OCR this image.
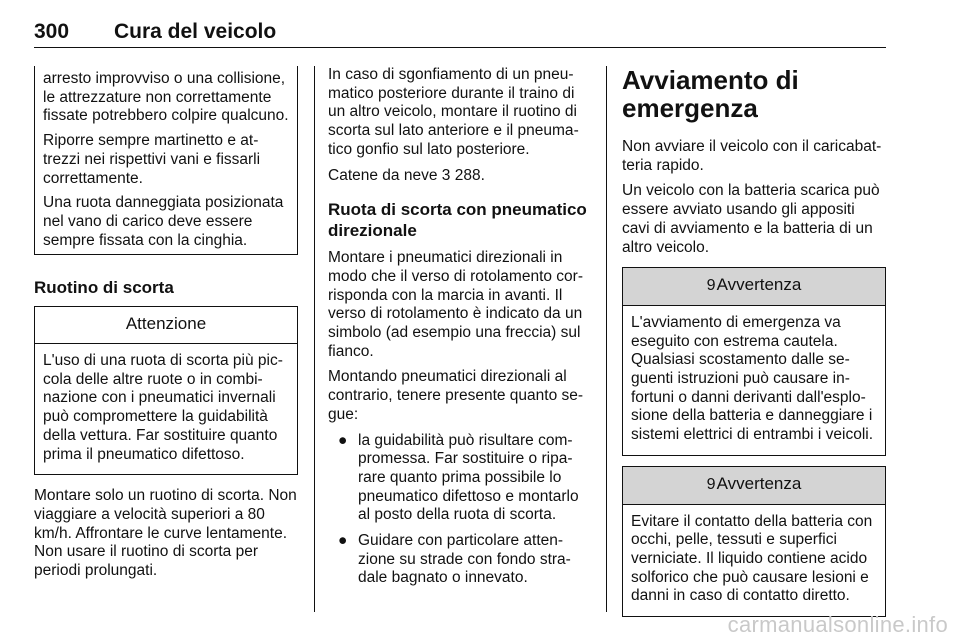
300 Cura del veicolo

arresto improvviso o una collisione, le attrezzature non correttamente fissate potrebbero colpire qualcuno.

Riporre sempre martinetto e attrezzi nei rispettivi vani e fissarli correttamente.

Una ruota danneggiata posizionata nel vano di carico deve essere sempre fissata con la cinghia.

Ruotino di scorta
Attenzione
L'uso di una ruota di scorta più piccola delle altre ruote o in combinazione con i pneumatici invernali può compromettere la guidabilità della vettura. Far sostituire quanto prima il pneumatico difettoso.

Montare solo un ruotino di scorta. Non viaggiare a velocità superiori a 80 km/h. Affrontare le curve lentamente. Non usare il ruotino di scorta per periodi prolungati.

In caso di sgonfiamento di un pneumatico posteriore durante il traino di un altro veicolo, montare il ruotino di scorta sul lato anteriore e il pneumatico gonfio sul lato posteriore.

Catene da neve 3 288.

Ruota di scorta con pneumatico direzionale

Montare i pneumatici direzionali in modo che il verso di rotolamento corrisponda con la marcia in avanti. Il verso di rotolamento è indicato da un simbolo (ad esempio una freccia) sul fianco.

Montando pneumatici direzionali al contrario, tenere presente quanto segue:

● la guidabilità può risultare compromessa. Far sostituire o riparare quanto prima possibile lo pneumatico difettoso e montarlo al posto della ruota di scorta.
● Guidare con particolare attenzione su strade con fondo stradale bagnato o innevato.
Avviamento di emergenza

Non avviare il veicolo con il caricabatteria rapido.

Un veicolo con la batteria scarica può essere avviato usando gli appositi cavi di avviamento e la batteria di un altro veicolo.

9Avvertenza
L'avviamento di emergenza va eseguito con estrema cautela. Qualsiasi scostamento dalle seguenti istruzioni può causare infortuni o danni derivanti dall'esplosione della batteria e danneggiare i sistemi elettrici di entrambi i veicoli.
9Avvertenza
Evitare il contatto della batteria con occhi, pelle, tessuti e superfici verniciate. Il liquido contiene acido solforico che può causare lesioni e danni in caso di contatto diretto.
carmanualsonline.info
